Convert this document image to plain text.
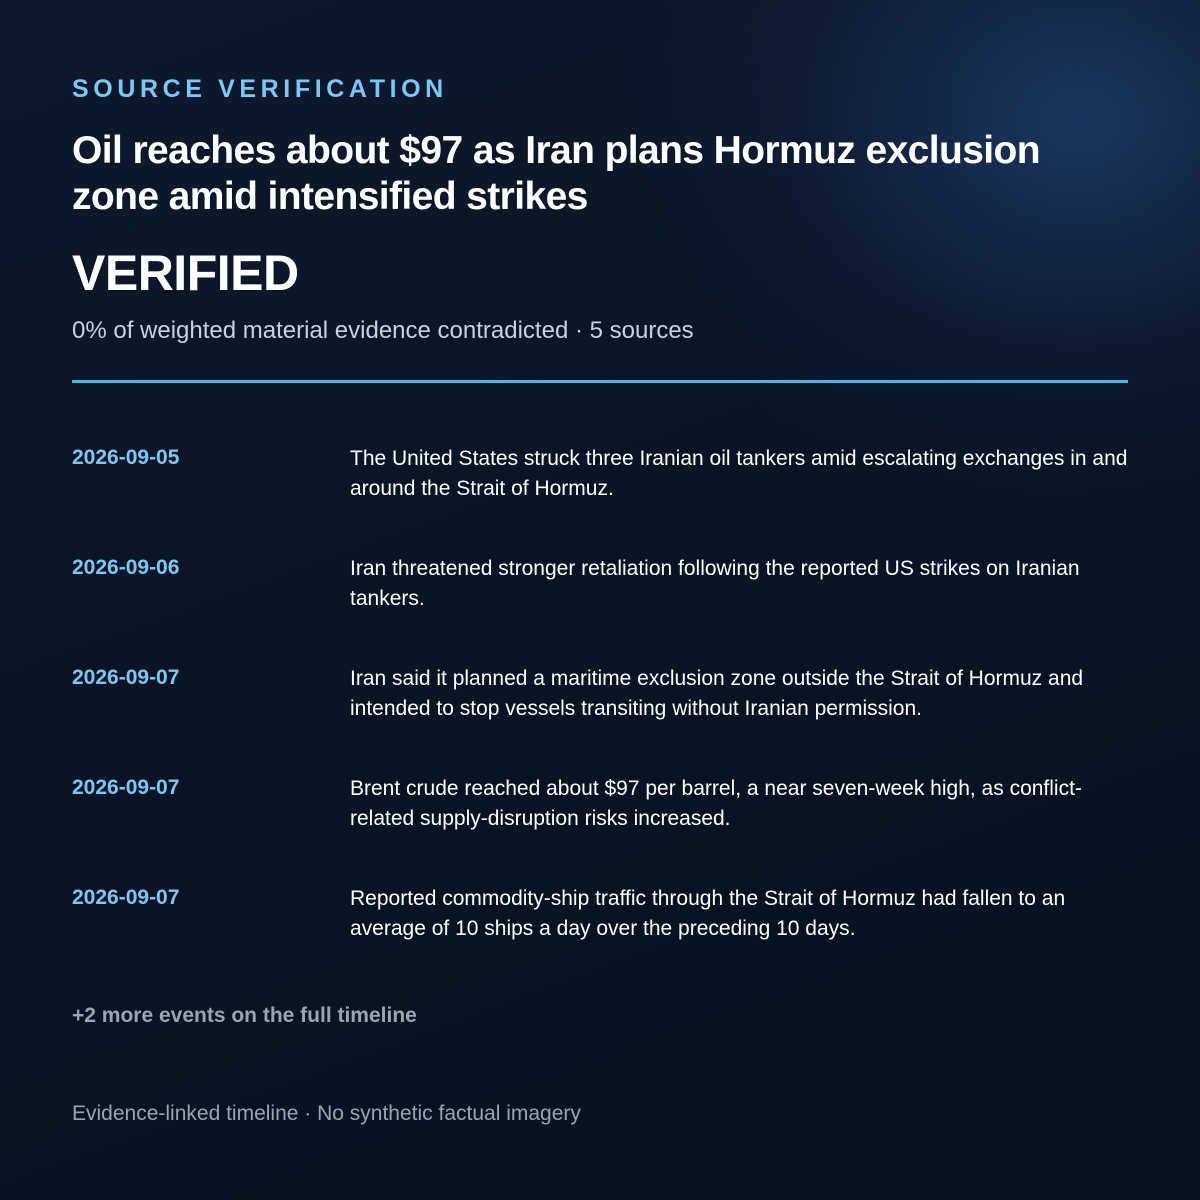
SOURCE VERIFICATION
Oil reaches about $97 as Iran plans Hormuz exclusion zone amid intensified strikes
VERIFIED
0% of weighted material evidence contradicted · 5 sources
2026-09-05	The United States struck three Iranian oil tankers amid escalating exchanges in and around the Strait of Hormuz.
2026-09-06	Iran threatened stronger retaliation following the reported US strikes on Iranian tankers.
2026-09-07	Iran said it planned a maritime exclusion zone outside the Strait of Hormuz and intended to stop vessels transiting without Iranian permission.
2026-09-07	Brent crude reached about $97 per barrel, a near seven-week high, as conflict-related supply-disruption risks increased.
2026-09-07	Reported commodity-ship traffic through the Strait of Hormuz had fallen to an average of 10 ships a day over the preceding 10 days.
+2 more events on the full timeline
Evidence-linked timeline · No synthetic factual imagery
